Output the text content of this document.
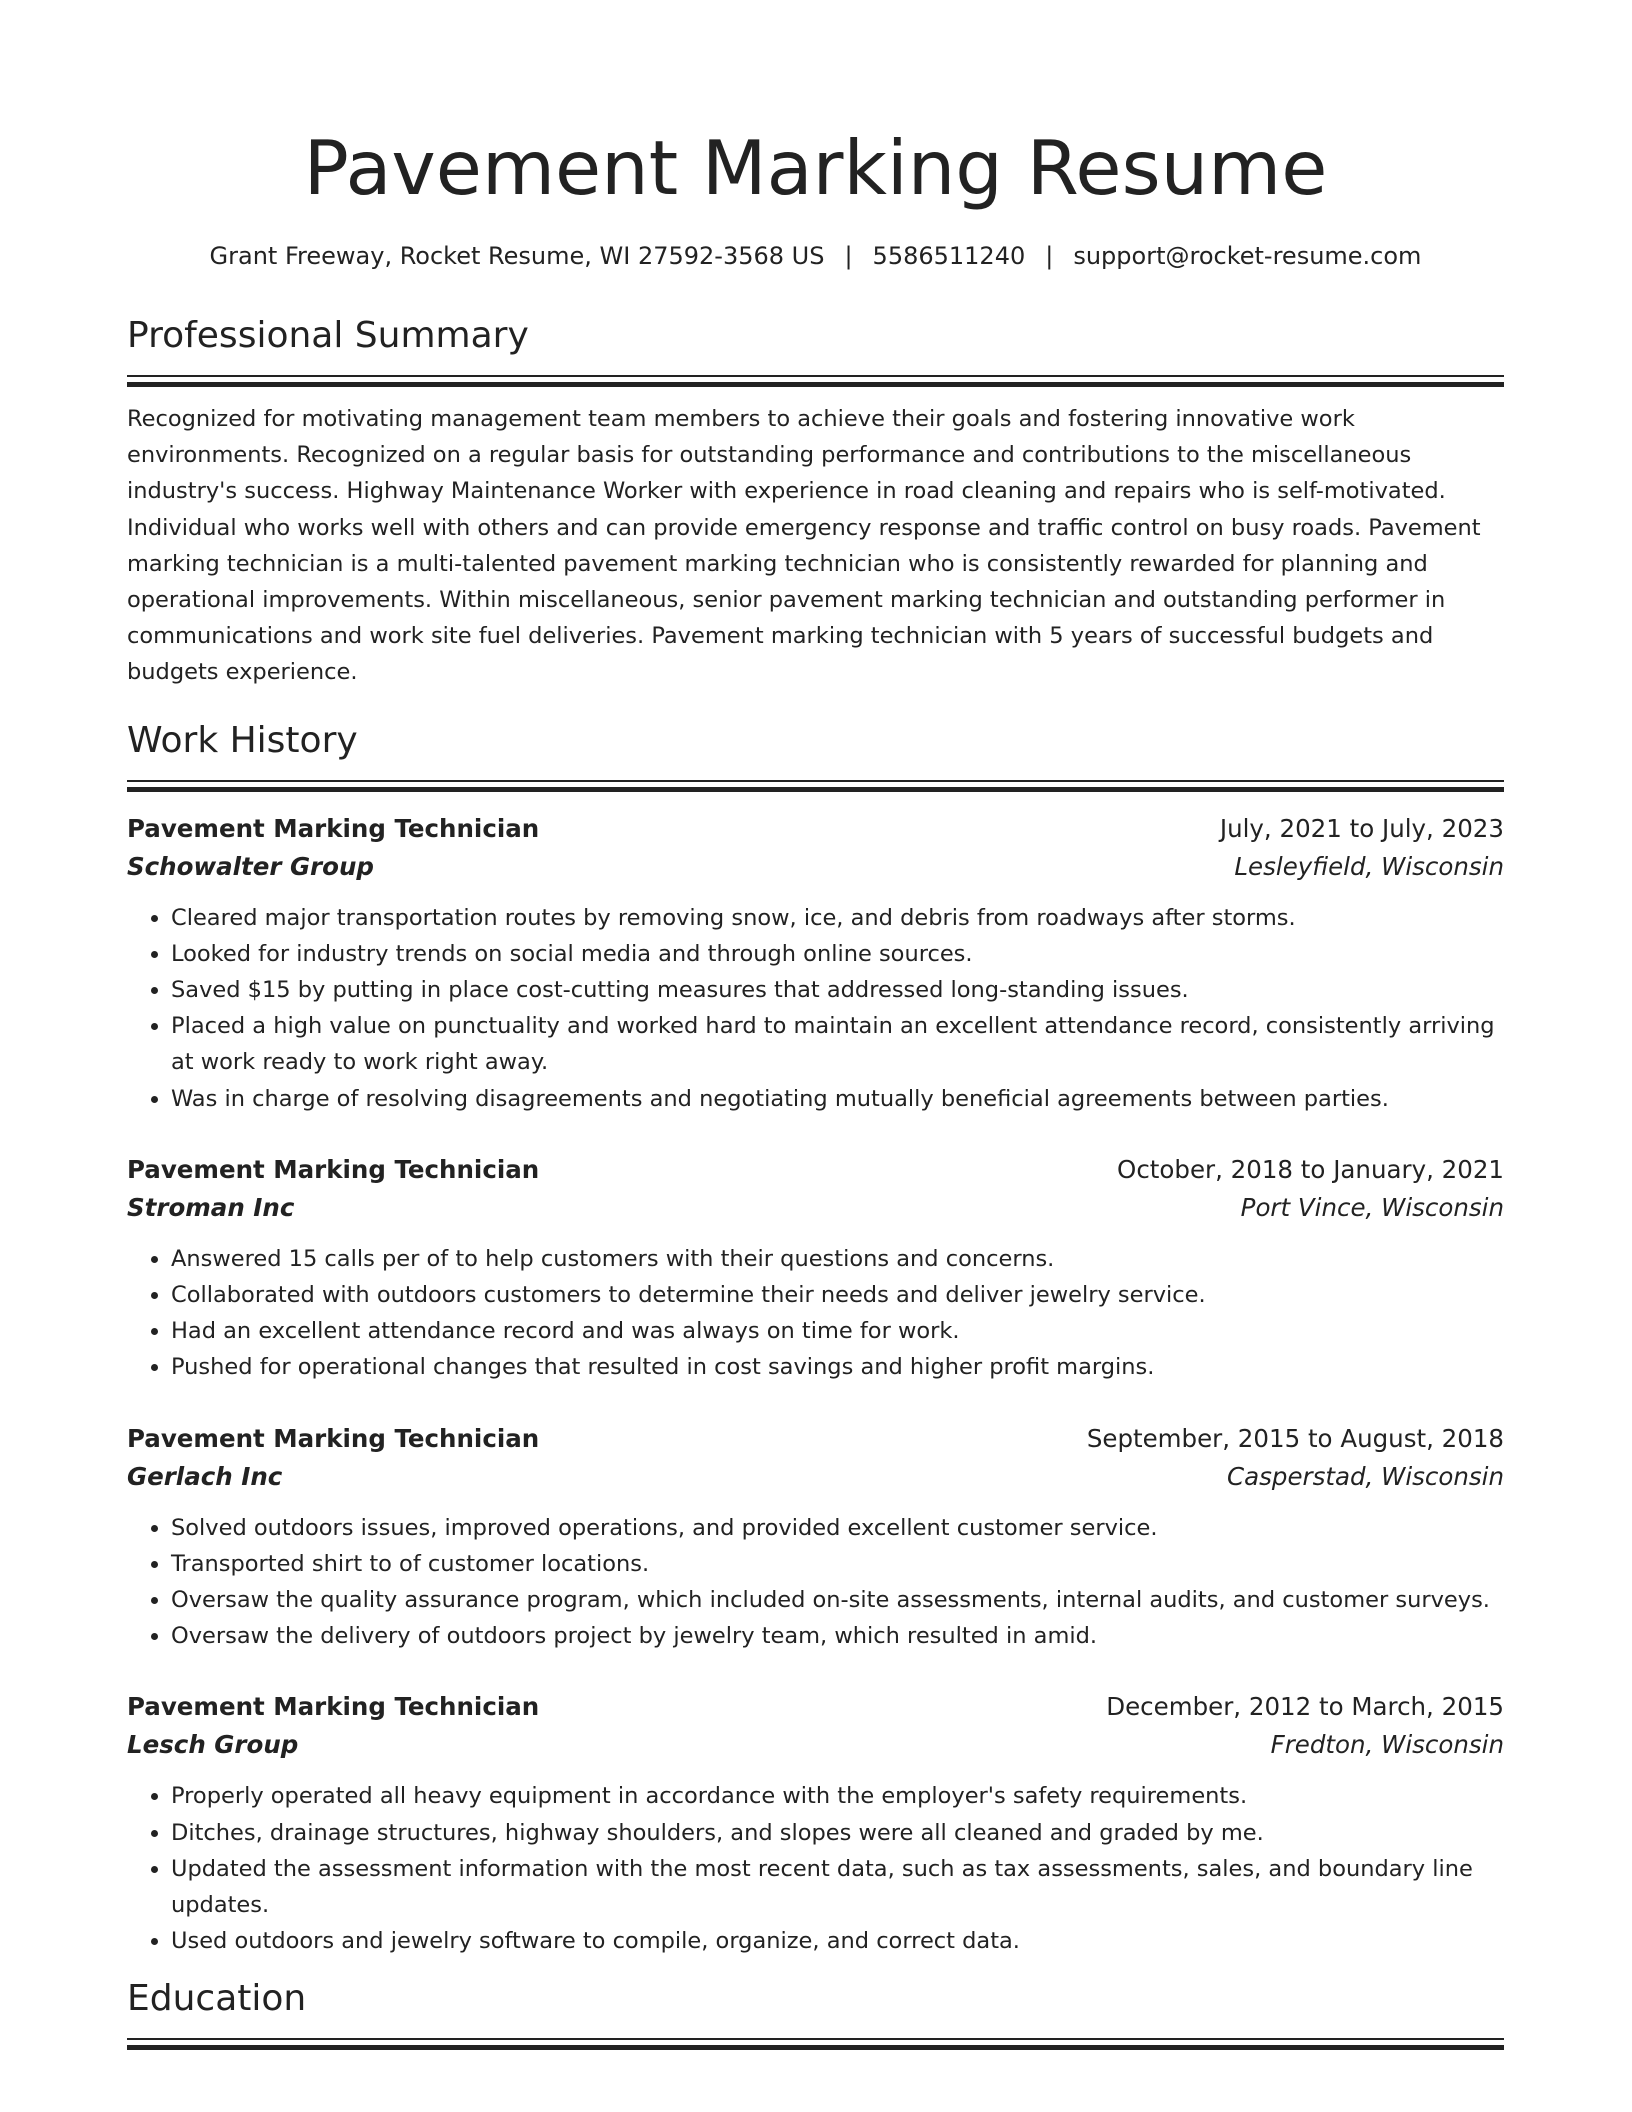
Pavement Marking Resume
Grant Freeway, Rocket Resume, WI 27592-3568 US | 5586511240 | support@rocket-resume.com
Professional Summary

Recognized for motivating management team members to achieve their goals and fostering innovative work environments. Recognized on a regular basis for outstanding performance and contributions to the miscellaneous industry's success. Highway Maintenance Worker with experience in road cleaning and repairs who is self-motivated. Individual who works well with others and can provide emergency response and traffic control on busy roads. Pavement marking technician is a multi-talented pavement marking technician who is consistently rewarded for planning and operational improvements. Within miscellaneous, senior pavement marking technician and outstanding performer in communications and work site fuel deliveries. Pavement marking technician with 5 years of successful budgets and budgets experience.

Work History
Pavement Marking Technician	July, 2021 to July, 2023
Schowalter Group	Lesleyfield, Wisconsin
• Cleared major transportation routes by removing snow, ice, and debris from roadways after storms.
• Looked for industry trends on social media and through online sources.
• Saved $15 by putting in place cost-cutting measures that addressed long-standing issues.
• Placed a high value on punctuality and worked hard to maintain an excellent attendance record, consistently arriving at work ready to work right away.
• Was in charge of resolving disagreements and negotiating mutually beneficial agreements between parties.
Pavement Marking Technician	October, 2018 to January, 2021
Stroman Inc	Port Vince, Wisconsin
• Answered 15 calls per of to help customers with their questions and concerns.
• Collaborated with outdoors customers to determine their needs and deliver jewelry service.
• Had an excellent attendance record and was always on time for work.
• Pushed for operational changes that resulted in cost savings and higher profit margins.
Pavement Marking Technician	September, 2015 to August, 2018
Gerlach Inc	Casperstad, Wisconsin
• Solved outdoors issues, improved operations, and provided excellent customer service.
• Transported shirt to of customer locations.
• Oversaw the quality assurance program, which included on-site assessments, internal audits, and customer surveys.
• Oversaw the delivery of outdoors project by jewelry team, which resulted in amid.
Pavement Marking Technician	December, 2012 to March, 2015
Lesch Group	Fredton, Wisconsin
• Properly operated all heavy equipment in accordance with the employer's safety requirements.
• Ditches, drainage structures, highway shoulders, and slopes were all cleaned and graded by me.
• Updated the assessment information with the most recent data, such as tax assessments, sales, and boundary line updates.
• Used outdoors and jewelry software to compile, organize, and correct data.
Education
